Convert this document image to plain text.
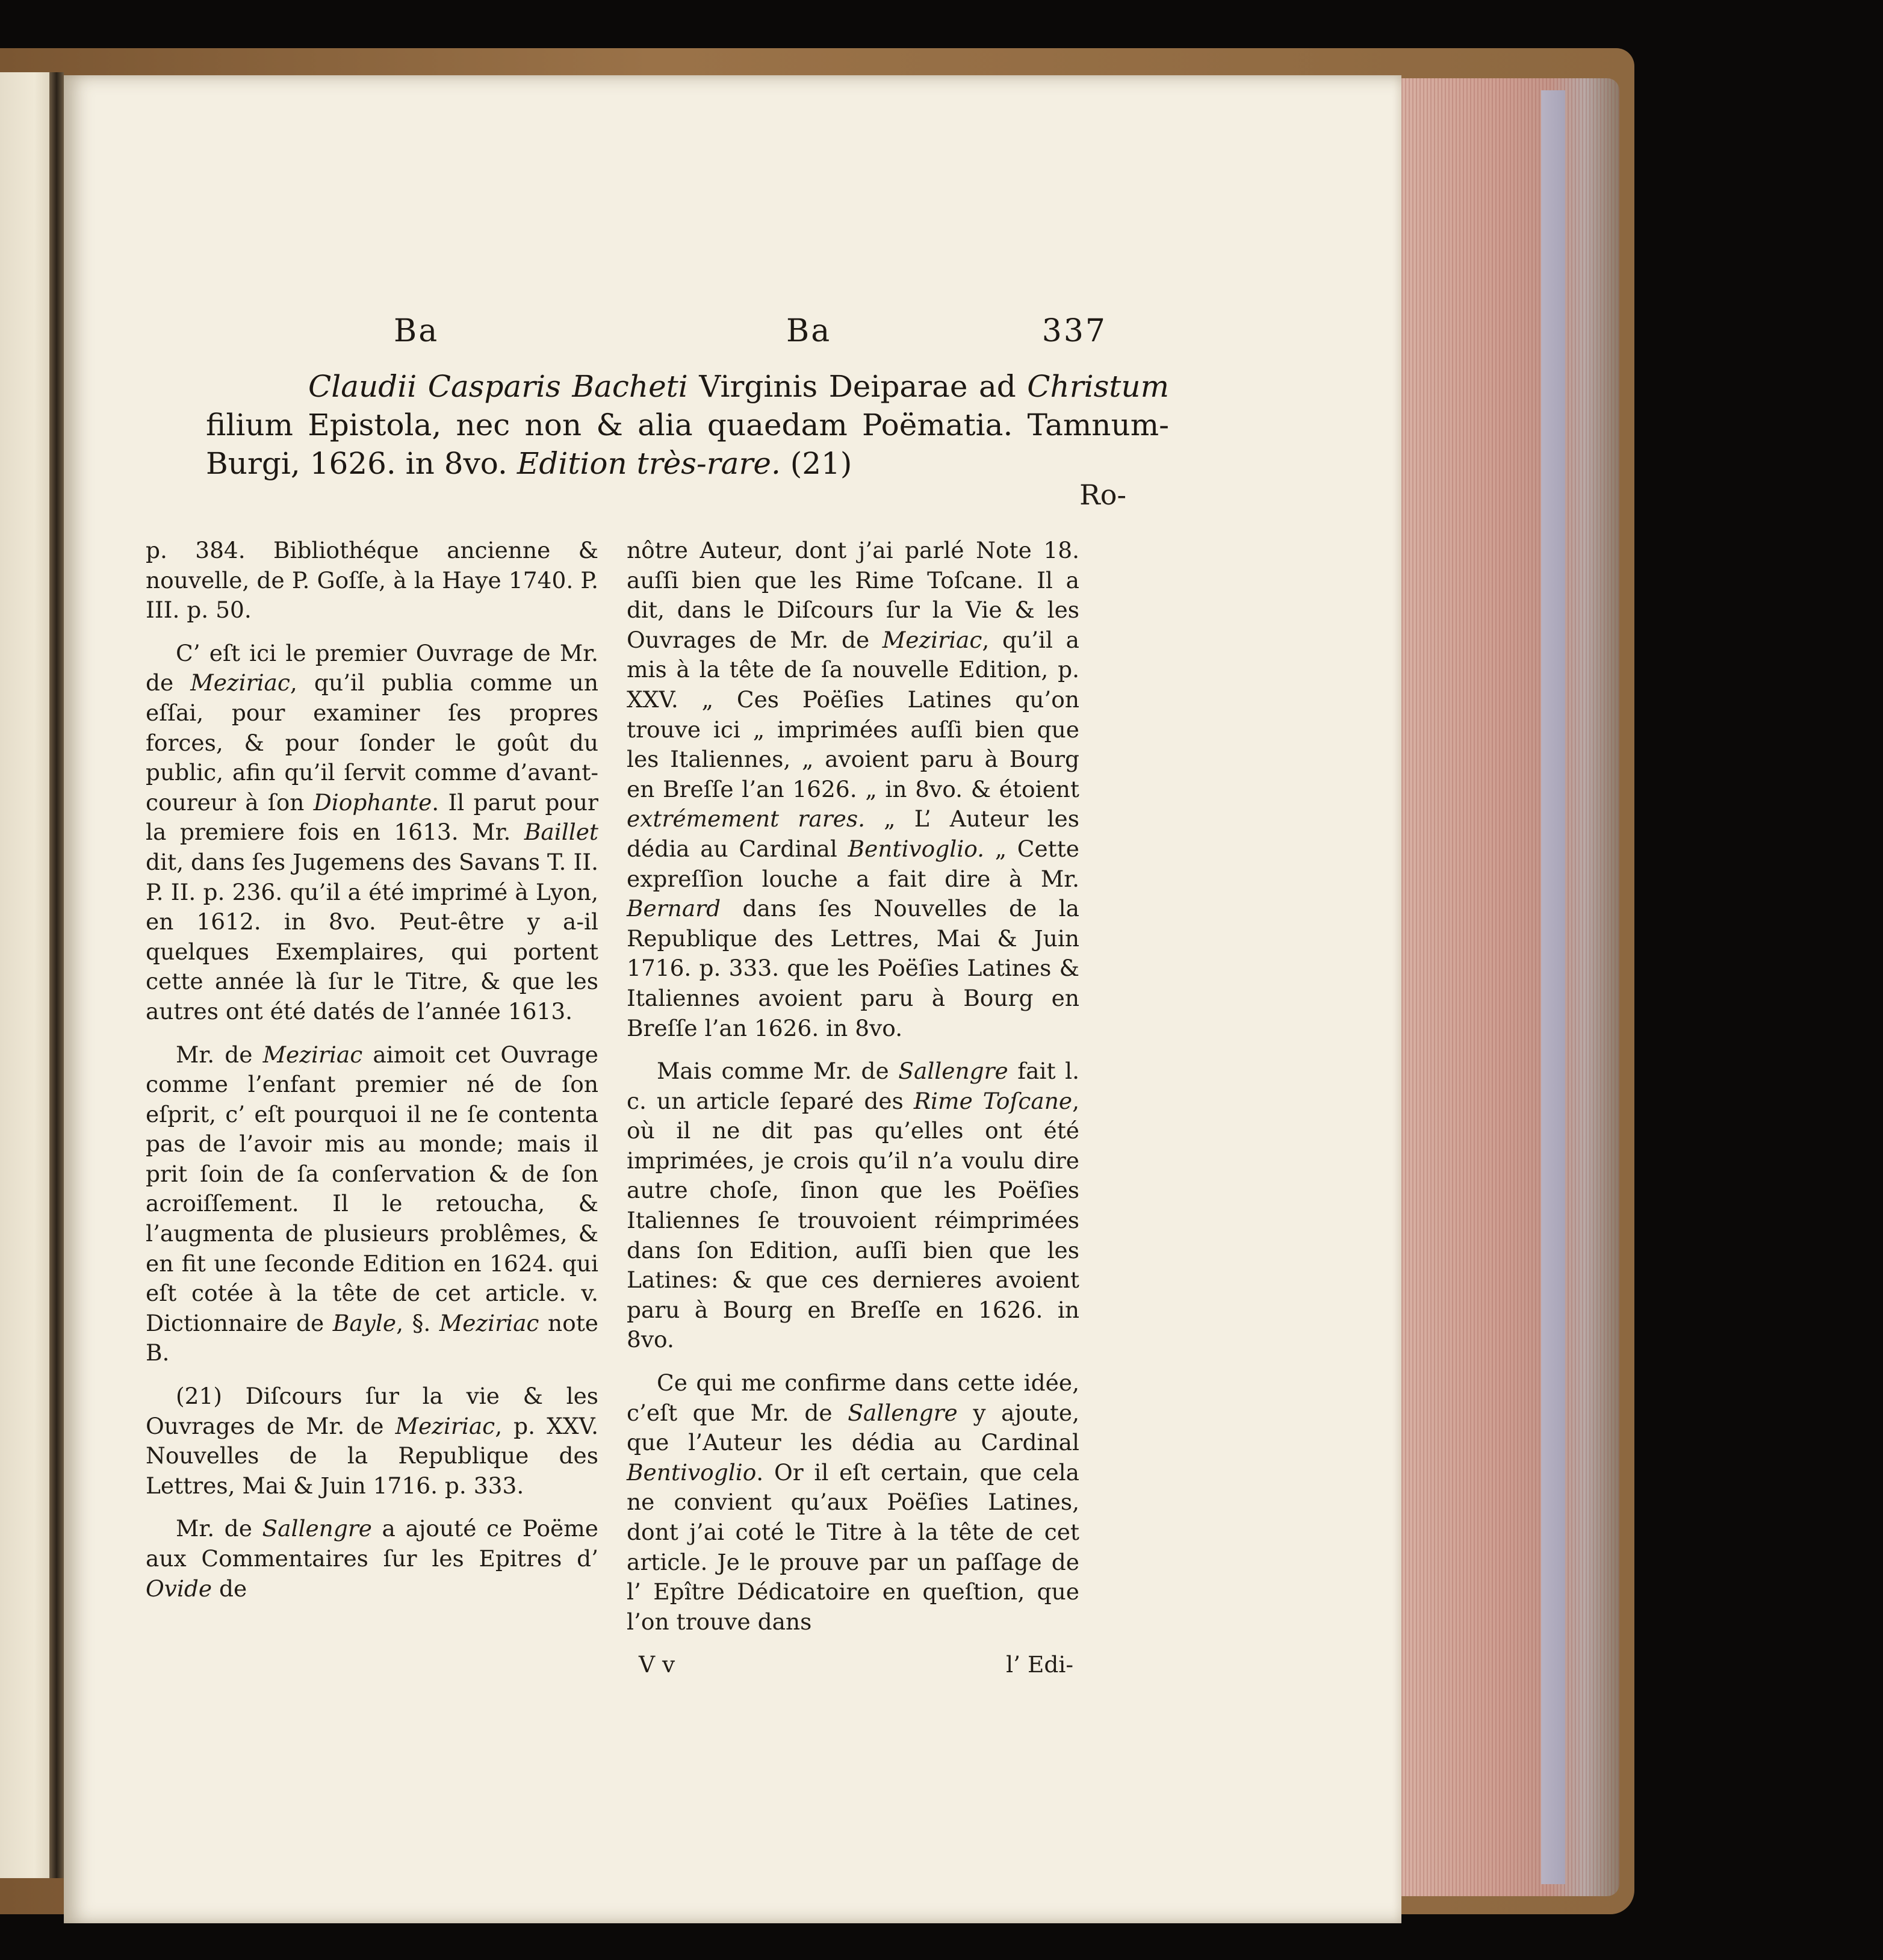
Ba	Ba	337
Claudii Casparis Bacheti Virginis Deiparae ad Christum filium Epistola, nec non & alia quaedam Poëmatia. Tamnum-Burgi, 1626. in 8vo. Edition très-rare. (21)
Ro-

p. 384. Bibliothéque ancienne & nouvelle, de P. Goſſe, à la Haye 1740. P. III. p. 50.

C’ eſt ici le premier Ouvrage de Mr. de Meziriac, qu’il publia comme un eſſai, pour examiner ſes propres forces, & pour ſonder le goût du public, afin qu’il ſervit comme d’avant-coureur à ſon Diophante. Il parut pour la premiere fois en 1613. Mr. Baillet dit, dans ſes Jugemens des Savans T. II. P. II. p. 236. qu’il a été imprimé à Lyon, en 1612. in 8vo. Peut-être y a-il quelques Exemplaires, qui portent cette année là ſur le Titre, & que les autres ont été datés de l’année 1613.

Mr. de Meziriac aimoit cet Ouvrage comme l’enfant premier né de ſon eſprit, c’ eſt pourquoi il ne ſe contenta pas de l’avoir mis au monde; mais il prit ſoin de ſa conſervation & de ſon acroiſſement. Il le retoucha, & l’augmenta de plusieurs problêmes, & en fit une ſeconde Edition en 1624. qui eſt cotée à la tête de cet article. v. Dictionnaire de Bayle, §. Meziriac note B.

(21) Diſcours ſur la vie & les Ouvrages de Mr. de Meziriac, p. XXV. Nouvelles de la Republique des Lettres, Mai & Juin 1716. p. 333.

Mr. de Sallengre a ajouté ce Poëme aux Commentaires ſur les Epitres d’ Ovide de

nôtre Auteur, dont j’ai parlé Note 18. auſſi bien que les Rime Toſcane. Il a dit, dans le Diſcours ſur la Vie & les Ouvrages de Mr. de Meziriac, qu’il a mis à la tête de ſa nouvelle Edition, p. XXV. „ Ces Poëſies Latines qu’on trouve ici „ imprimées auſſi bien que les Italiennes, „ avoient paru à Bourg en Breſſe l’an 1626. „ in 8vo. & étoient extrémement rares. „ L’ Auteur les dédia au Cardinal Bentivoglio. „ Cette expreſſion louche a fait dire à Mr. Bernard dans ſes Nouvelles de la Republique des Lettres, Mai & Juin 1716. p. 333. que les Poëſies Latines & Italiennes avoient paru à Bourg en Breſſe l’an 1626. in 8vo.

Mais comme Mr. de Sallengre fait l. c. un article ſeparé des Rime Toſcane, où il ne dit pas qu’elles ont été imprimées, je crois qu’il n’a voulu dire autre choſe, ſinon que les Poëſies Italiennes ſe trouvoient réimprimées dans ſon Edition, auſſi bien que les Latines: & que ces dernieres avoient paru à Bourg en Breſſe en 1626. in 8vo.

Ce qui me confirme dans cette idée, c’eſt que Mr. de Sallengre y ajoute, que l’Auteur les dédia au Cardinal Bentivoglio. Or il eſt certain, que cela ne convient qu’aux Poëſies Latines, dont j’ai coté le Titre à la tête de cet article. Je le prouve par un paſſage de l’ Epître Dédicatoire en queſtion, que l’on trouve dans

V v	l’ Edi-
